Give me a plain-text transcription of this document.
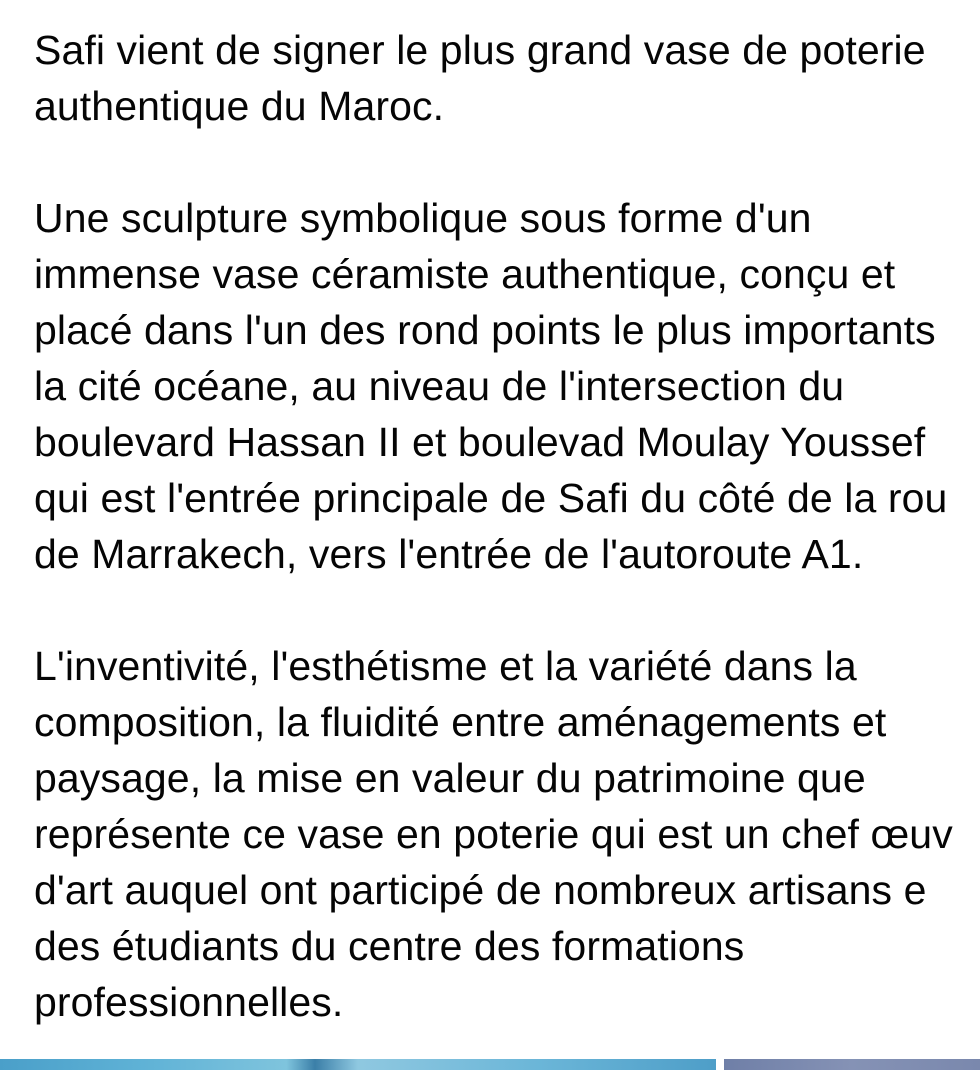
Safi vient de signer le plus grand vase de poterie
authentique du Maroc.
Une sculpture symbolique sous forme d'un
immense vase céramiste authentique, conçu et
placé dans l'un des rond points le plus importants
la cité océane, au niveau de l'intersection du
boulevard Hassan II et boulevad Moulay Youssef
qui est l'entrée principale de Safi du côté de la rou
de Marrakech, vers l'entrée de l'autoroute A1.
L'inventivité, l'esthétisme et la variété dans la
composition, la fluidité entre aménagements et
paysage, la mise en valeur du patrimoine que
représente ce vase en poterie qui est un chef œuv
d'art auquel ont participé de nombreux artisans e
des étudiants du centre des formations
professionnelles.
